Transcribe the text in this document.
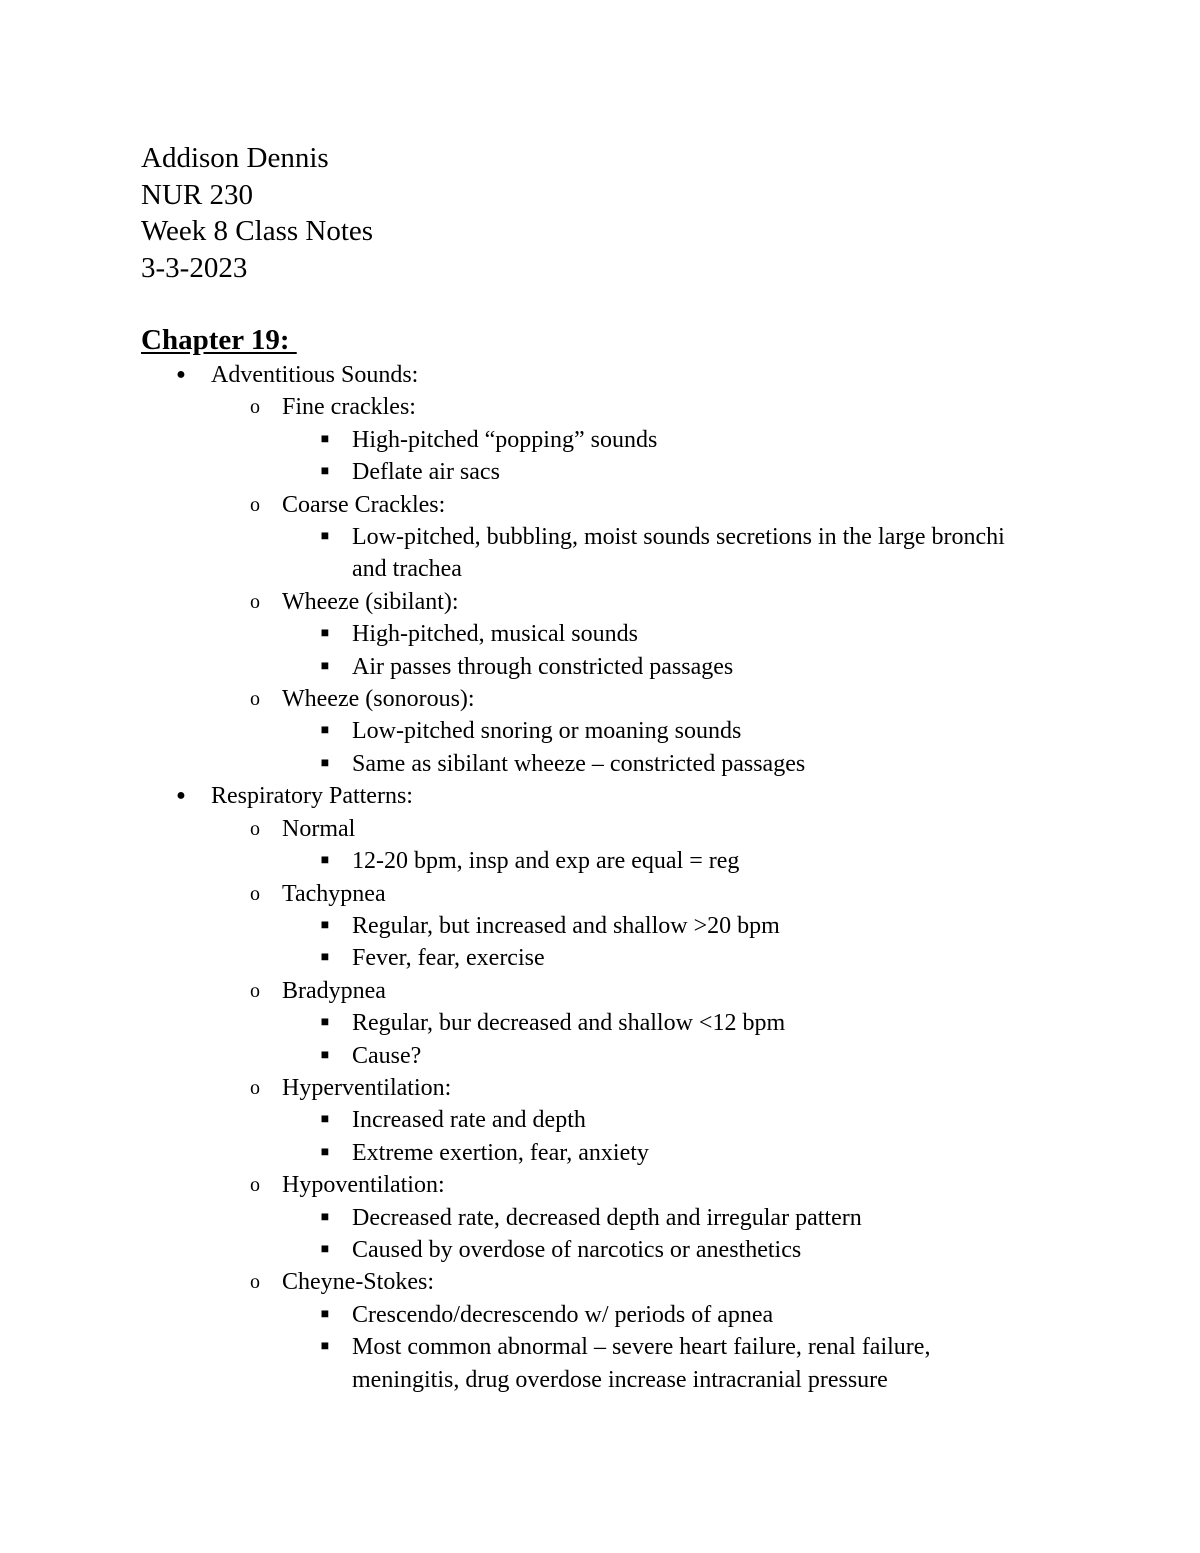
Addison Dennis
NUR 230
Week 8 Class Notes
3-3-2023
Chapter 19:
● Adventitious Sounds:
o Fine crackles:
■ High-pitched “popping” sounds
■ Deflate air sacs
o Coarse Crackles:
■ Low-pitched, bubbling, moist sounds secretions in the large bronchi and trachea
o Wheeze (sibilant):
■ High-pitched, musical sounds
■ Air passes through constricted passages
o Wheeze (sonorous):
■ Low-pitched snoring or moaning sounds
■ Same as sibilant wheeze – constricted passages
● Respiratory Patterns:
o Normal
■ 12-20 bpm, insp and exp are equal = reg
o Tachypnea
■ Regular, but increased and shallow >20 bpm
■ Fever, fear, exercise
o Bradypnea
■ Regular, bur decreased and shallow <12 bpm
■ Cause?
o Hyperventilation:
■ Increased rate and depth
■ Extreme exertion, fear, anxiety
o Hypoventilation:
■ Decreased rate, decreased depth and irregular pattern
■ Caused by overdose of narcotics or anesthetics
o Cheyne-Stokes:
■ Crescendo/decrescendo w/ periods of apnea
■ Most common abnormal – severe heart failure, renal failure, meningitis, drug overdose increase intracranial pressure
